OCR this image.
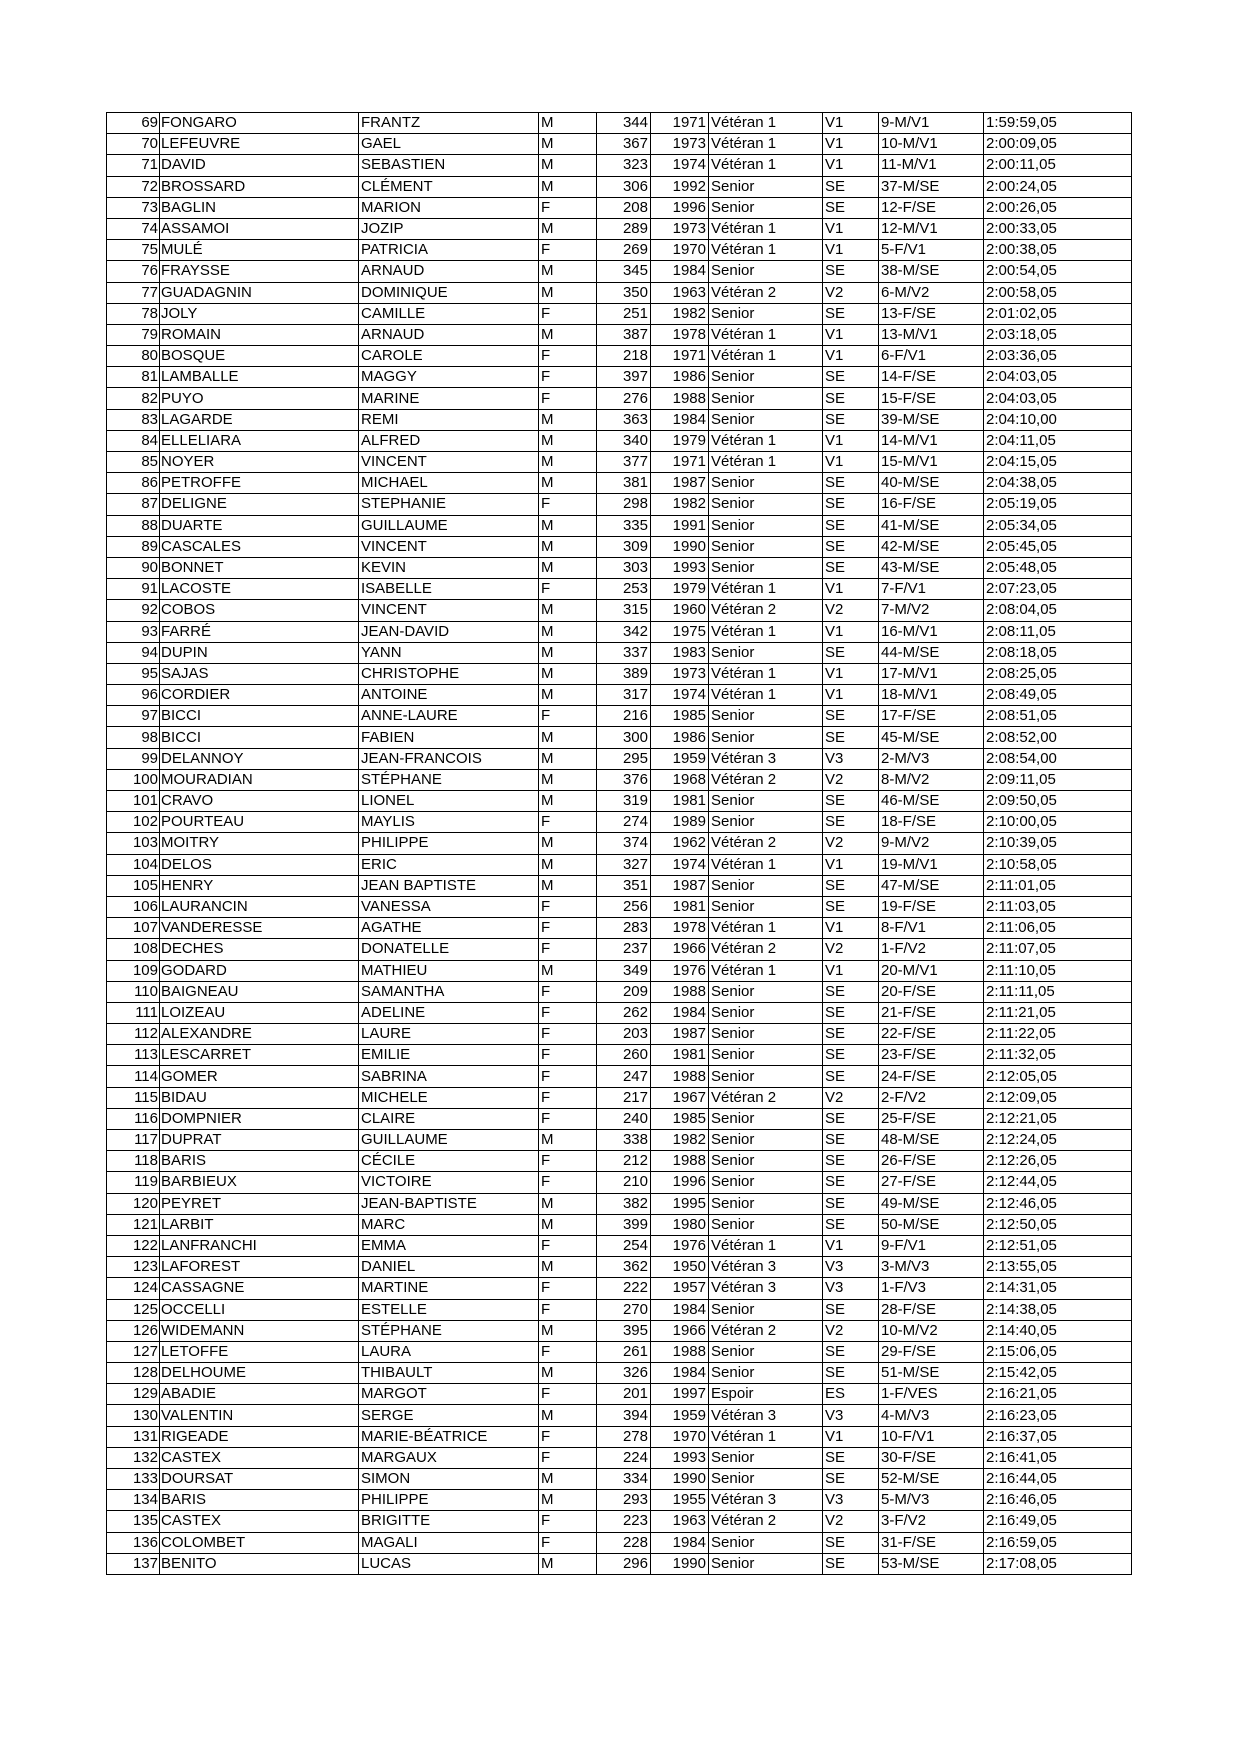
69	FONGARO	FRANTZ	M	344	1971	Vétéran 1	V1	9-M/V1	1:59:59,05
70	LEFEUVRE	GAEL	M	367	1973	Vétéran 1	V1	10-M/V1	2:00:09,05
71	DAVID	SEBASTIEN	M	323	1974	Vétéran 1	V1	11-M/V1	2:00:11,05
72	BROSSARD	CLÉMENT	M	306	1992	Senior	SE	37-M/SE	2:00:24,05
73	BAGLIN	MARION	F	208	1996	Senior	SE	12-F/SE	2:00:26,05
74	ASSAMOI	JOZIP	M	289	1973	Vétéran 1	V1	12-M/V1	2:00:33,05
75	MULÉ	PATRICIA	F	269	1970	Vétéran 1	V1	5-F/V1	2:00:38,05
76	FRAYSSE	ARNAUD	M	345	1984	Senior	SE	38-M/SE	2:00:54,05
77	GUADAGNIN	DOMINIQUE	M	350	1963	Vétéran 2	V2	6-M/V2	2:00:58,05
78	JOLY	CAMILLE	F	251	1982	Senior	SE	13-F/SE	2:01:02,05
79	ROMAIN	ARNAUD	M	387	1978	Vétéran 1	V1	13-M/V1	2:03:18,05
80	BOSQUE	CAROLE	F	218	1971	Vétéran 1	V1	6-F/V1	2:03:36,05
81	LAMBALLE	MAGGY	F	397	1986	Senior	SE	14-F/SE	2:04:03,05
82	PUYO	MARINE	F	276	1988	Senior	SE	15-F/SE	2:04:03,05
83	LAGARDE	REMI	M	363	1984	Senior	SE	39-M/SE	2:04:10,00
84	ELLELIARA	ALFRED	M	340	1979	Vétéran 1	V1	14-M/V1	2:04:11,05
85	NOYER	VINCENT	M	377	1971	Vétéran 1	V1	15-M/V1	2:04:15,05
86	PETROFFE	MICHAEL	M	381	1987	Senior	SE	40-M/SE	2:04:38,05
87	DELIGNE	STEPHANIE	F	298	1982	Senior	SE	16-F/SE	2:05:19,05
88	DUARTE	GUILLAUME	M	335	1991	Senior	SE	41-M/SE	2:05:34,05
89	CASCALES	VINCENT	M	309	1990	Senior	SE	42-M/SE	2:05:45,05
90	BONNET	KEVIN	M	303	1993	Senior	SE	43-M/SE	2:05:48,05
91	LACOSTE	ISABELLE	F	253	1979	Vétéran 1	V1	7-F/V1	2:07:23,05
92	COBOS	VINCENT	M	315	1960	Vétéran 2	V2	7-M/V2	2:08:04,05
93	FARRÉ	JEAN-DAVID	M	342	1975	Vétéran 1	V1	16-M/V1	2:08:11,05
94	DUPIN	YANN	M	337	1983	Senior	SE	44-M/SE	2:08:18,05
95	SAJAS	CHRISTOPHE	M	389	1973	Vétéran 1	V1	17-M/V1	2:08:25,05
96	CORDIER	ANTOINE	M	317	1974	Vétéran 1	V1	18-M/V1	2:08:49,05
97	BICCI	ANNE-LAURE	F	216	1985	Senior	SE	17-F/SE	2:08:51,05
98	BICCI	FABIEN	M	300	1986	Senior	SE	45-M/SE	2:08:52,00
99	DELANNOY	JEAN-FRANCOIS	M	295	1959	Vétéran 3	V3	2-M/V3	2:08:54,00
100	MOURADIAN	STÉPHANE	M	376	1968	Vétéran 2	V2	8-M/V2	2:09:11,05
101	CRAVO	LIONEL	M	319	1981	Senior	SE	46-M/SE	2:09:50,05
102	POURTEAU	MAYLIS	F	274	1989	Senior	SE	18-F/SE	2:10:00,05
103	MOITRY	PHILIPPE	M	374	1962	Vétéran 2	V2	9-M/V2	2:10:39,05
104	DELOS	ERIC	M	327	1974	Vétéran 1	V1	19-M/V1	2:10:58,05
105	HENRY	JEAN BAPTISTE	M	351	1987	Senior	SE	47-M/SE	2:11:01,05
106	LAURANCIN	VANESSA	F	256	1981	Senior	SE	19-F/SE	2:11:03,05
107	VANDERESSE	AGATHE	F	283	1978	Vétéran 1	V1	8-F/V1	2:11:06,05
108	DECHES	DONATELLE	F	237	1966	Vétéran 2	V2	1-F/V2	2:11:07,05
109	GODARD	MATHIEU	M	349	1976	Vétéran 1	V1	20-M/V1	2:11:10,05
110	BAIGNEAU	SAMANTHA	F	209	1988	Senior	SE	20-F/SE	2:11:11,05
111	LOIZEAU	ADELINE	F	262	1984	Senior	SE	21-F/SE	2:11:21,05
112	ALEXANDRE	LAURE	F	203	1987	Senior	SE	22-F/SE	2:11:22,05
113	LESCARRET	EMILIE	F	260	1981	Senior	SE	23-F/SE	2:11:32,05
114	GOMER	SABRINA	F	247	1988	Senior	SE	24-F/SE	2:12:05,05
115	BIDAU	MICHELE	F	217	1967	Vétéran 2	V2	2-F/V2	2:12:09,05
116	DOMPNIER	CLAIRE	F	240	1985	Senior	SE	25-F/SE	2:12:21,05
117	DUPRAT	GUILLAUME	M	338	1982	Senior	SE	48-M/SE	2:12:24,05
118	BARIS	CÉCILE	F	212	1988	Senior	SE	26-F/SE	2:12:26,05
119	BARBIEUX	VICTOIRE	F	210	1996	Senior	SE	27-F/SE	2:12:44,05
120	PEYRET	JEAN-BAPTISTE	M	382	1995	Senior	SE	49-M/SE	2:12:46,05
121	LARBIT	MARC	M	399	1980	Senior	SE	50-M/SE	2:12:50,05
122	LANFRANCHI	EMMA	F	254	1976	Vétéran 1	V1	9-F/V1	2:12:51,05
123	LAFOREST	DANIEL	M	362	1950	Vétéran 3	V3	3-M/V3	2:13:55,05
124	CASSAGNE	MARTINE	F	222	1957	Vétéran 3	V3	1-F/V3	2:14:31,05
125	OCCELLI	ESTELLE	F	270	1984	Senior	SE	28-F/SE	2:14:38,05
126	WIDEMANN	STÉPHANE	M	395	1966	Vétéran 2	V2	10-M/V2	2:14:40,05
127	LETOFFE	LAURA	F	261	1988	Senior	SE	29-F/SE	2:15:06,05
128	DELHOUME	THIBAULT	M	326	1984	Senior	SE	51-M/SE	2:15:42,05
129	ABADIE	MARGOT	F	201	1997	Espoir	ES	1-F/VES	2:16:21,05
130	VALENTIN	SERGE	M	394	1959	Vétéran 3	V3	4-M/V3	2:16:23,05
131	RIGEADE	MARIE-BÉATRICE	F	278	1970	Vétéran 1	V1	10-F/V1	2:16:37,05
132	CASTEX	MARGAUX	F	224	1993	Senior	SE	30-F/SE	2:16:41,05
133	DOURSAT	SIMON	M	334	1990	Senior	SE	52-M/SE	2:16:44,05
134	BARIS	PHILIPPE	M	293	1955	Vétéran 3	V3	5-M/V3	2:16:46,05
135	CASTEX	BRIGITTE	F	223	1963	Vétéran 2	V2	3-F/V2	2:16:49,05
136	COLOMBET	MAGALI	F	228	1984	Senior	SE	31-F/SE	2:16:59,05
137	BENITO	LUCAS	M	296	1990	Senior	SE	53-M/SE	2:17:08,05
